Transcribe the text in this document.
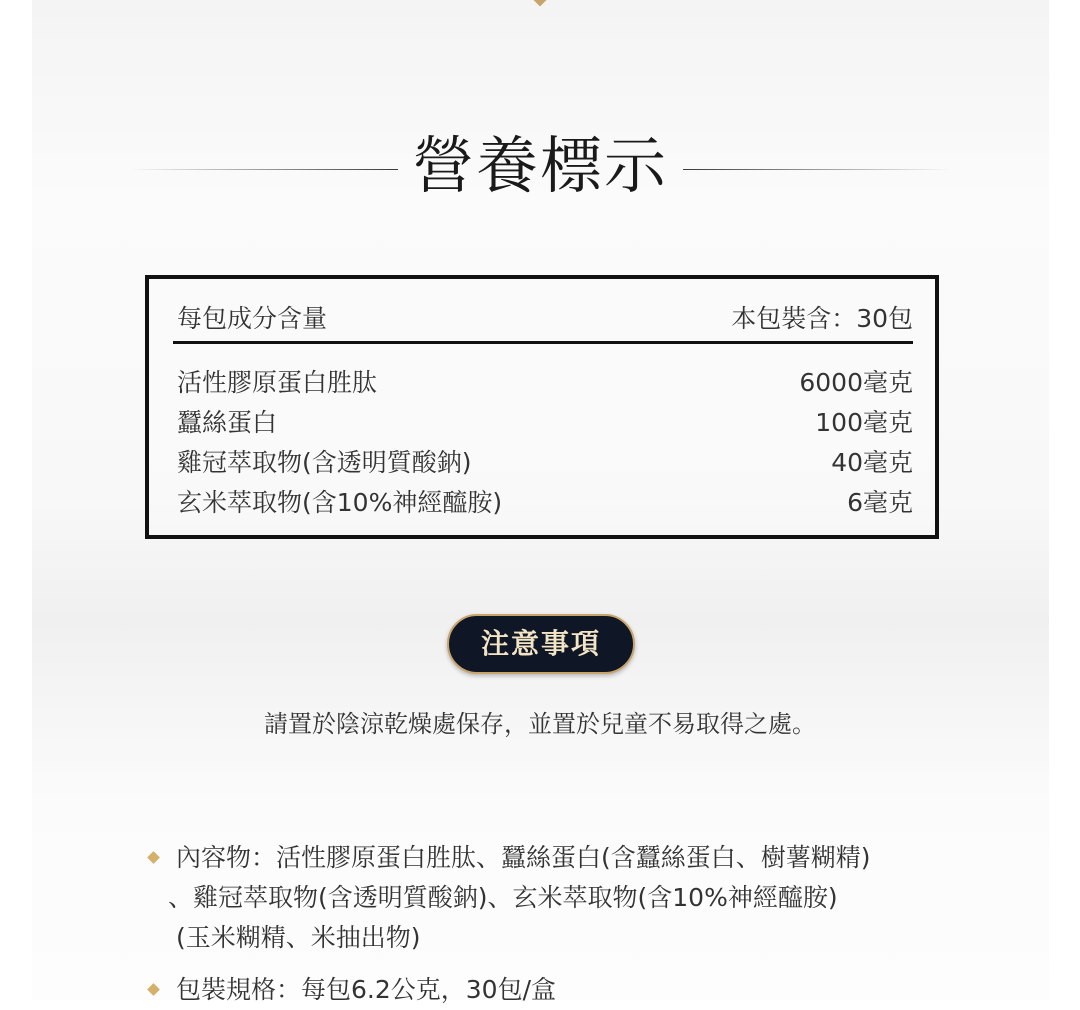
營養標示
每包成分含量	本包裝含：30包
活性膠原蛋白胜肽	6000毫克
蠶絲蛋白	100毫克
雞冠萃取物(含透明質酸鈉)	40毫克
玄米萃取物(含10%神經醯胺)	6毫克
注意事項
請置於陰涼乾燥處保存，並置於兒童不易取得之處。
內容物：活性膠原蛋白胜肽、蠶絲蛋白(含蠶絲蛋白、樹薯糊精)
、雞冠萃取物(含透明質酸鈉)、玄米萃取物(含10%神經醯胺)
(玉米糊精、米抽出物)
包裝規格：每包6.2公克，30包/盒
